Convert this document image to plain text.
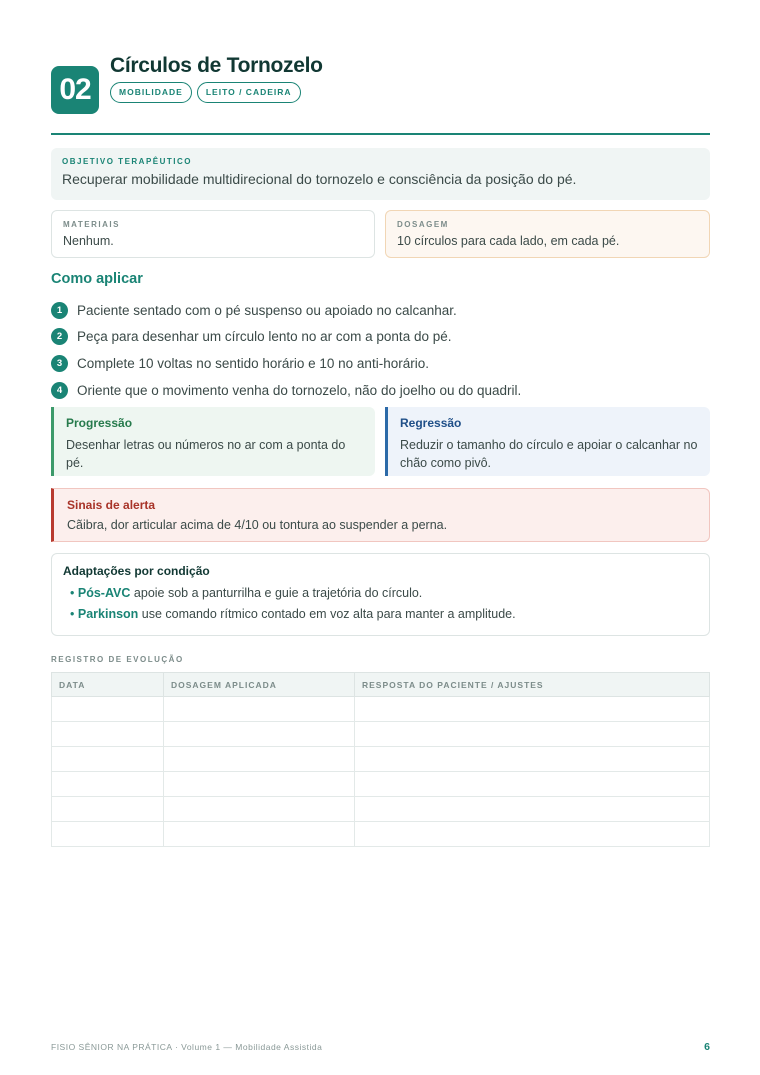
02
Círculos de Tornozelo
MOBILIDADE	LEITO / CADEIRA
OBJETIVO TERAPÊUTICO
Recuperar mobilidade multidirecional do tornozelo e consciência da posição do pé.
MATERIAIS
Nenhum.
DOSAGEM
10 círculos para cada lado, em cada pé.
Como aplicar
1	Paciente sentado com o pé suspenso ou apoiado no calcanhar.
2	Peça para desenhar um círculo lento no ar com a ponta do pé.
3	Complete 10 voltas no sentido horário e 10 no anti-horário.
4	Oriente que o movimento venha do tornozelo, não do joelho ou do quadril.
Progressão
Desenhar letras ou números no ar com a ponta do pé.
Regressão
Reduzir o tamanho do círculo e apoiar o calcanhar no chão como pivô.
Sinais de alerta
Cãibra, dor articular acima de 4/10 ou tontura ao suspender a perna.
Adaptações por condição
• Pós-AVC apoie sob a panturrilha e guie a trajetória do círculo.
• Parkinson use comando rítmico contado em voz alta para manter a amplitude.
REGISTRO DE EVOLUÇÃO
DATA	DOSAGEM APLICADA	RESPOSTA DO PACIENTE / AJUSTES

FISIO SÊNIOR NA PRÁTICA · Volume 1 — Mobilidade Assistida	6
